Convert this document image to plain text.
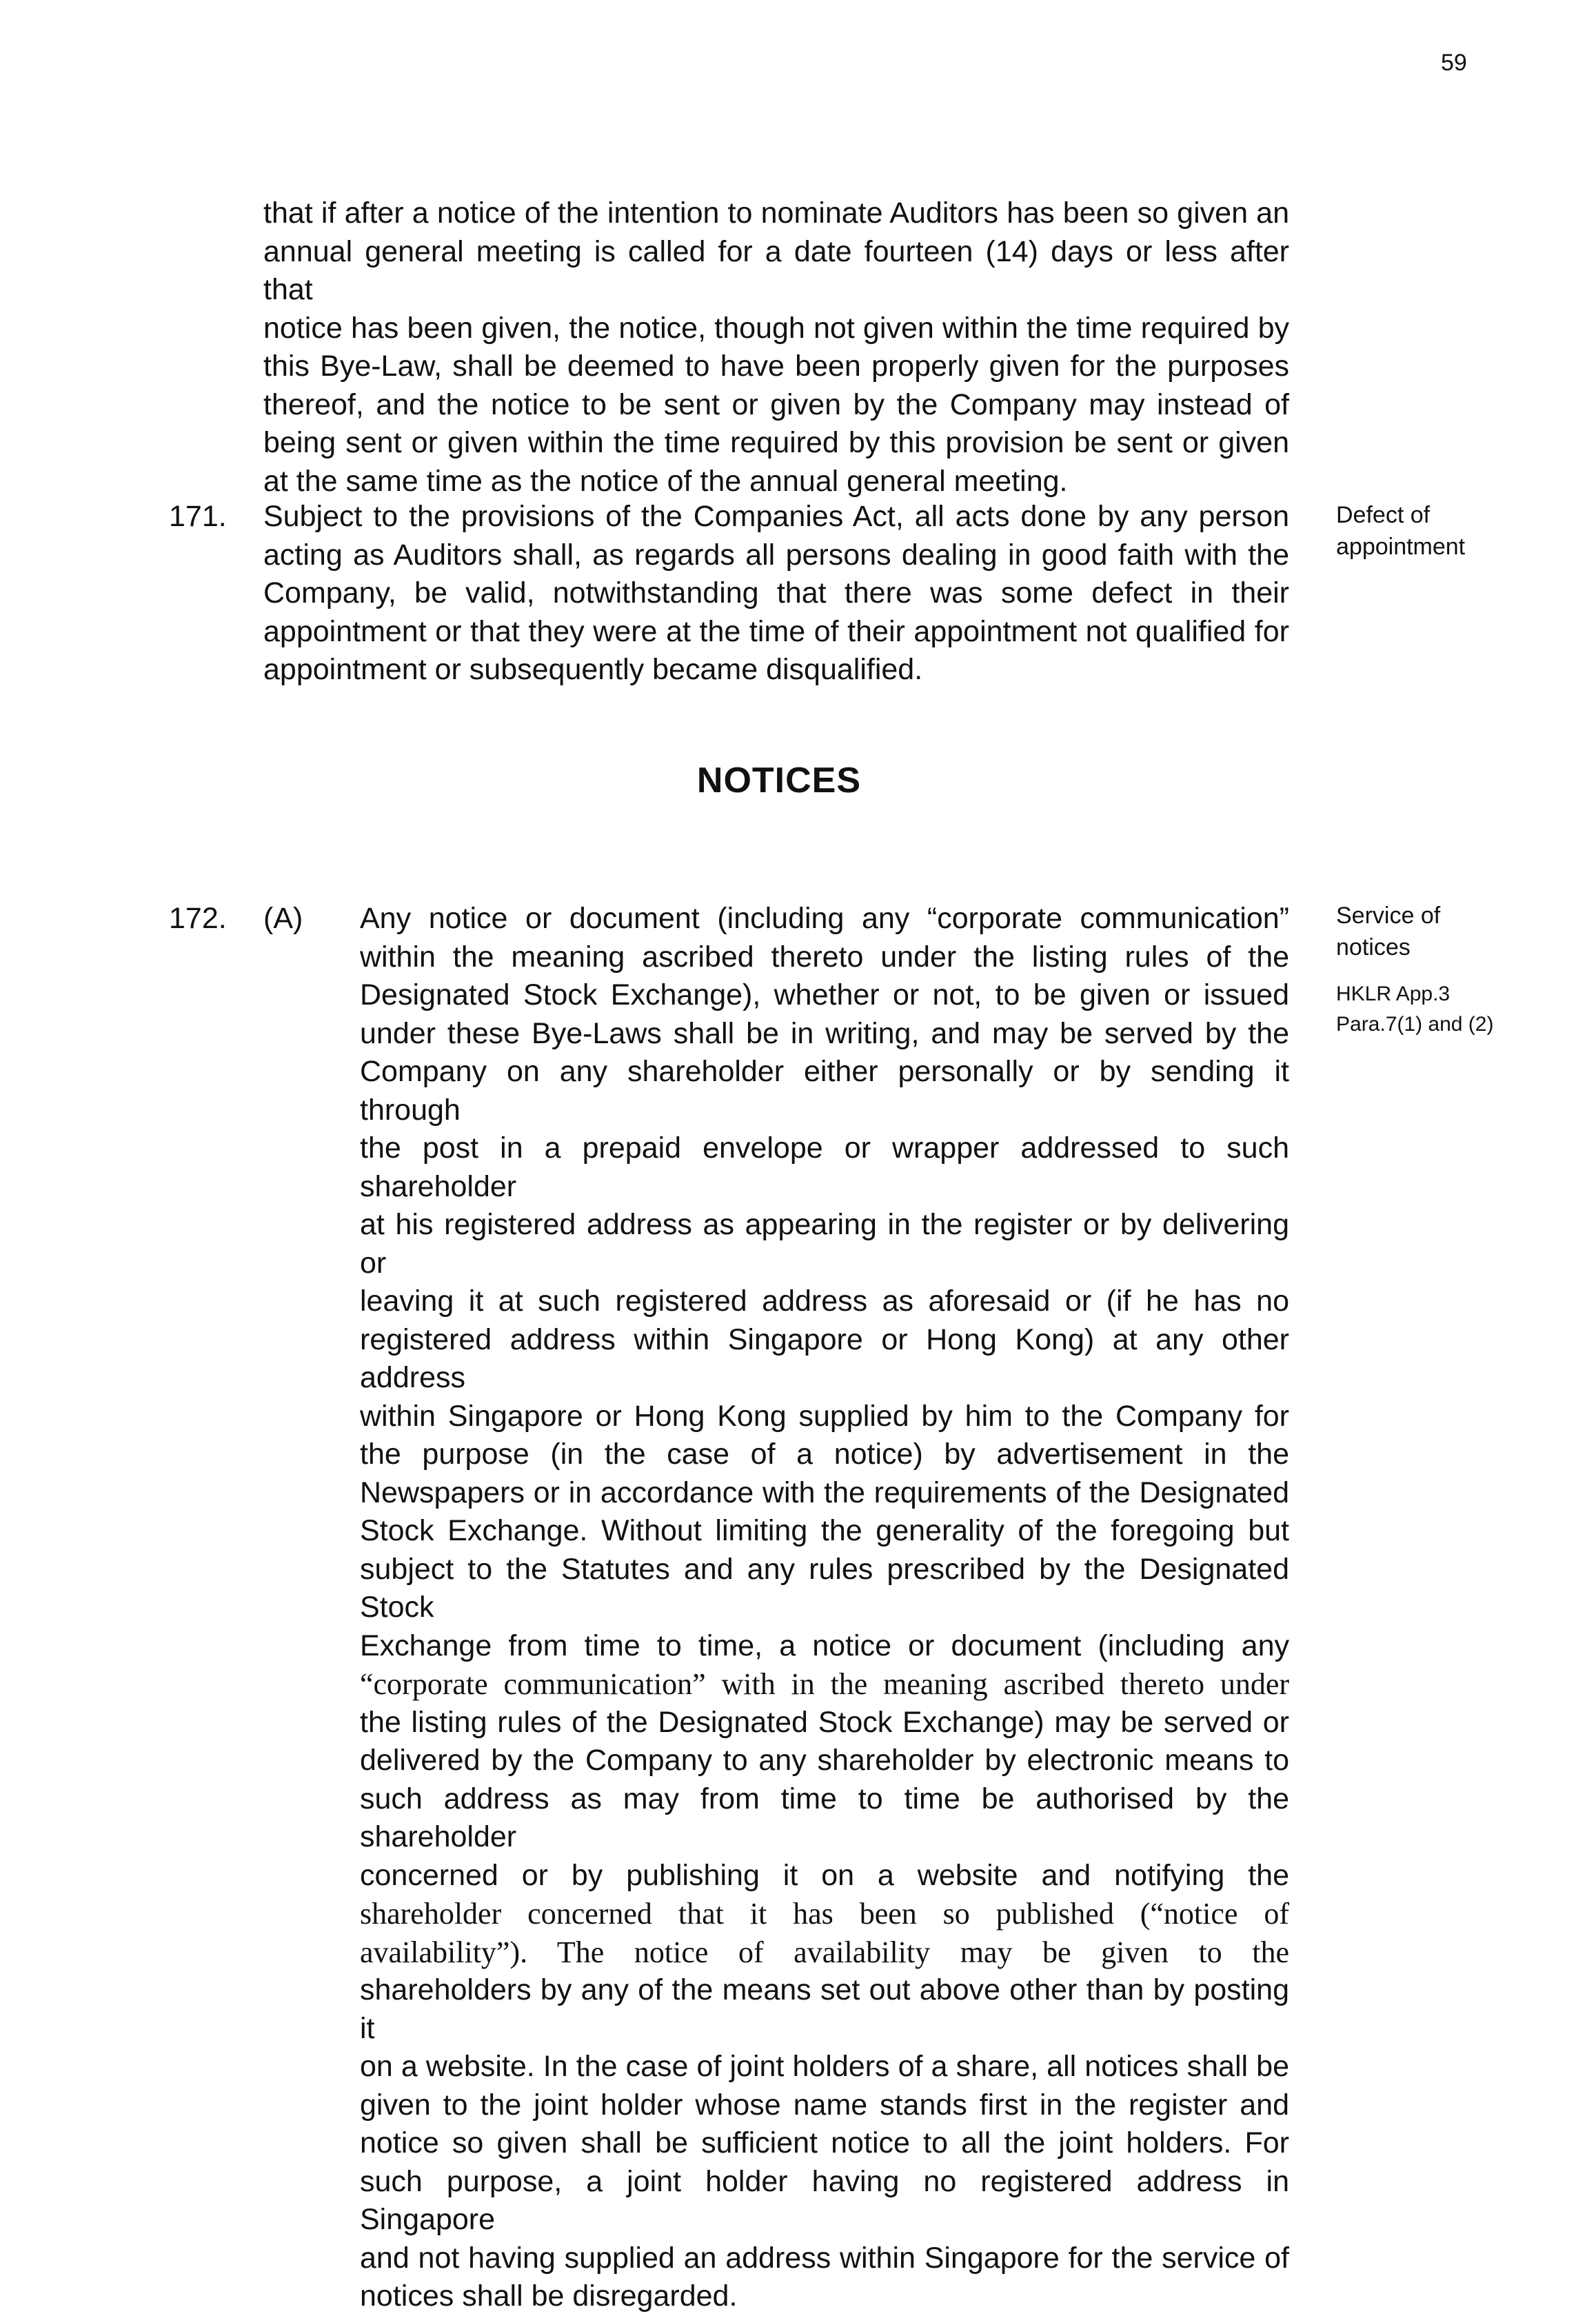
59
that if after a notice of the intention to nominate Auditors has been so given an
annual general meeting is called for a date fourteen (14) days or less after that
notice has been given, the notice, though not given within the time required by
this Bye-Law, shall be deemed to have been properly given for the purposes
thereof, and the notice to be sent or given by the Company may instead of
being sent or given within the time required by this provision be sent or given
at the same time as the notice of the annual general meeting.
171. Subject to the provisions of the Companies Act, all acts done by any person
acting as Auditors shall, as regards all persons dealing in good faith with the
Company, be valid, notwithstanding that there was some defect in their
appointment or that they were at the time of their appointment not qualified for
appointment or subsequently became disqualified.
Defect of
appointment
NOTICES
172. (A) Any notice or document (including any “corporate communication”
within the meaning ascribed thereto under the listing rules of the
Designated Stock Exchange), whether or not, to be given or issued
under these Bye-Laws shall be in writing, and may be served by the
Company on any shareholder either personally or by sending it through
the post in a prepaid envelope or wrapper addressed to such shareholder
at his registered address as appearing in the register or by delivering or
leaving it at such registered address as aforesaid or (if he has no
registered address within Singapore or Hong Kong) at any other address
within Singapore or Hong Kong supplied by him to the Company for
the purpose (in the case of a notice) by advertisement in the
Newspapers or in accordance with the requirements of the Designated
Stock Exchange. Without limiting the generality of the foregoing but
subject to the Statutes and any rules prescribed by the Designated Stock
Exchange from time to time, a notice or document (including any
“corporate communication” with in the meaning ascribed thereto under
the listing rules of the Designated Stock Exchange) may be served or
delivered by the Company to any shareholder by electronic means to
such address as may from time to time be authorised by the shareholder
concerned or by publishing it on a website and notifying the
shareholder concerned that it has been so published (“notice of
availability”). The notice of availability may be given to the
shareholders by any of the means set out above other than by posting it
on a website. In the case of joint holders of a share, all notices shall be
given to the joint holder whose name stands first in the register and
notice so given shall be sufficient notice to all the joint holders. For
such purpose, a joint holder having no registered address in Singapore
and not having supplied an address within Singapore for the service of
notices shall be disregarded.
Service of
notices
HKLR App.3
Para.7(1) and (2)
